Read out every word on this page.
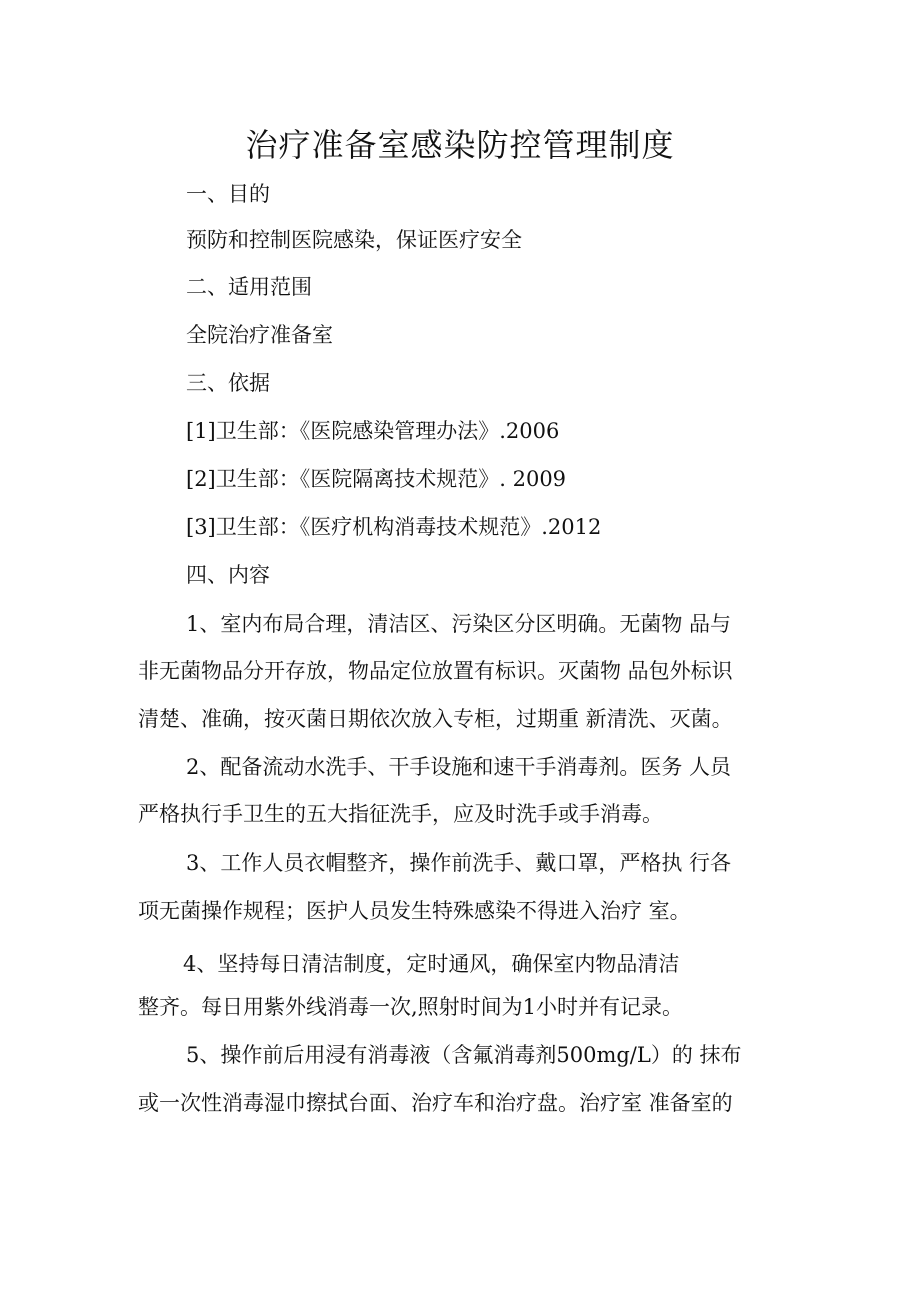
治疗准备室感染防控管理制度
一、目的
预防和控制医院感染，保证医疗安全
二、适用范围
全院治疗准备室
三、依据
[1]卫生部：《医院感染管理办法》.2006
[2]卫生部：《医院隔离技术规范》. 2009
[3]卫生部：《医疗机构消毒技术规范》.2012
四、内容
1、室内布局合理，清洁区、污染区分区明确。无菌物 品与
非无菌物品分开存放，物品定位放置有标识。灭菌物 品包外标识
清楚、准确，按灭菌日期依次放入专柜，过期重 新清洗、灭菌。
2、配备流动水洗手、干手设施和速干手消毒剂。医务 人员
严格执行手卫生的五大指征洗手，应及时洗手或手消毒。
3、工作人员衣帽整齐，操作前洗手、戴口罩，严格执 行各
项无菌操作规程；医护人员发生特殊感染不得进入治疗 室。
4、坚持每日清洁制度，定时通风，确保室内物品清洁
整齐。每日用紫外线消毒一次,照射时间为1小时并有记录。
5、操作前后用浸有消毒液（含氟消毒剂500mg/L）的 抹布
或一次性消毒湿巾擦拭台面、治疗车和治疗盘。治疗室 准备室的
